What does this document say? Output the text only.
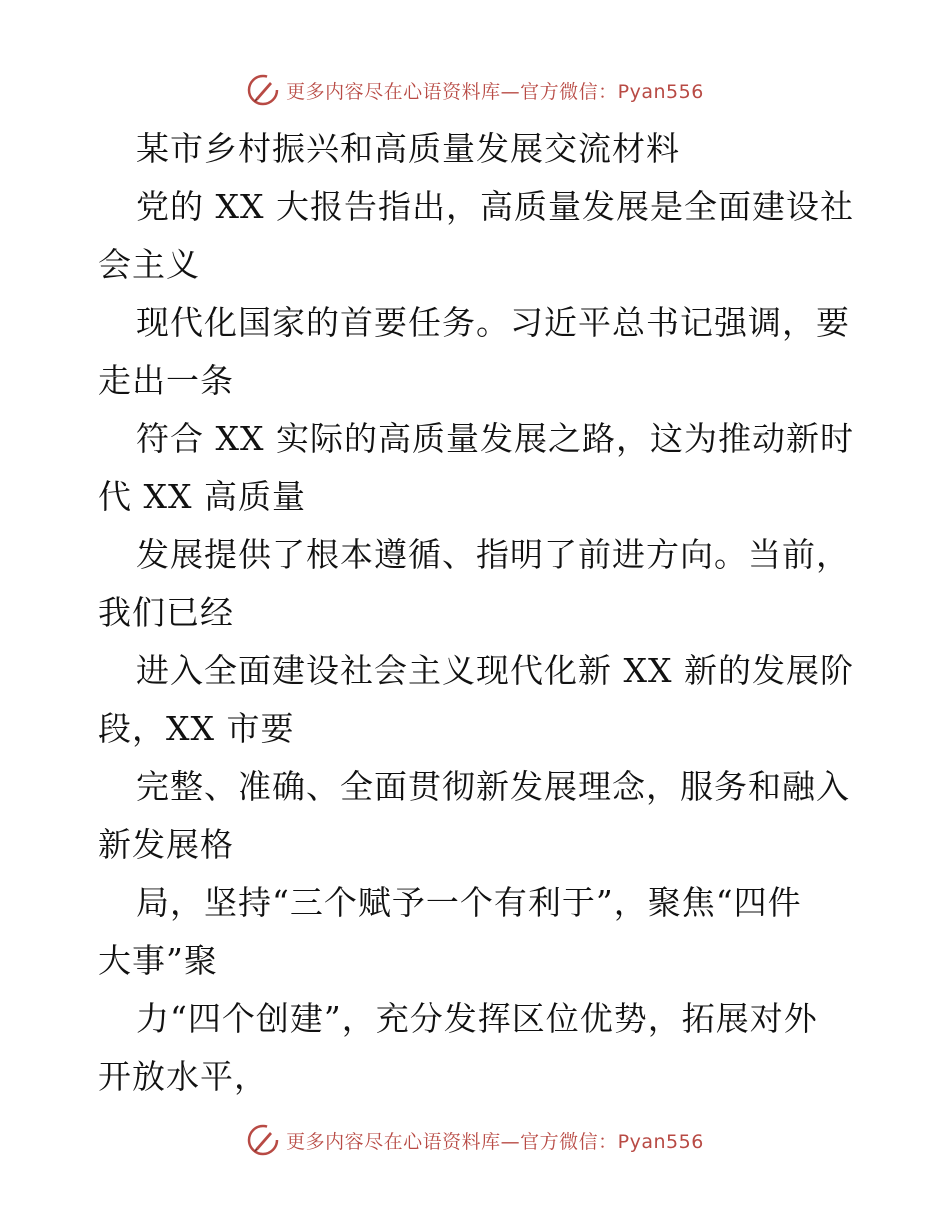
更多内容尽在心语资料库—官方微信：Pyan556
某市乡村振兴和高质量发展交流材料
党的 XX 大报告指出，高质量发展是全面建设社
会主义
现代化国家的首要任务。习近平总书记强调，要
走出一条
符合 XX 实际的高质量发展之路，这为推动新时
代 XX 高质量
发展提供了根本遵循、指明了前进方向。当前，
我们已经
进入全面建设社会主义现代化新 XX 新的发展阶
段，XX 市要
完整、准确、全面贯彻新发展理念，服务和融入
新发展格
局，坚持“三个赋予一个有利于”，聚焦“四件
大事”聚
力“四个创建”，充分发挥区位优势，拓展对外
开放水平，
更多内容尽在心语资料库—官方微信：Pyan556
